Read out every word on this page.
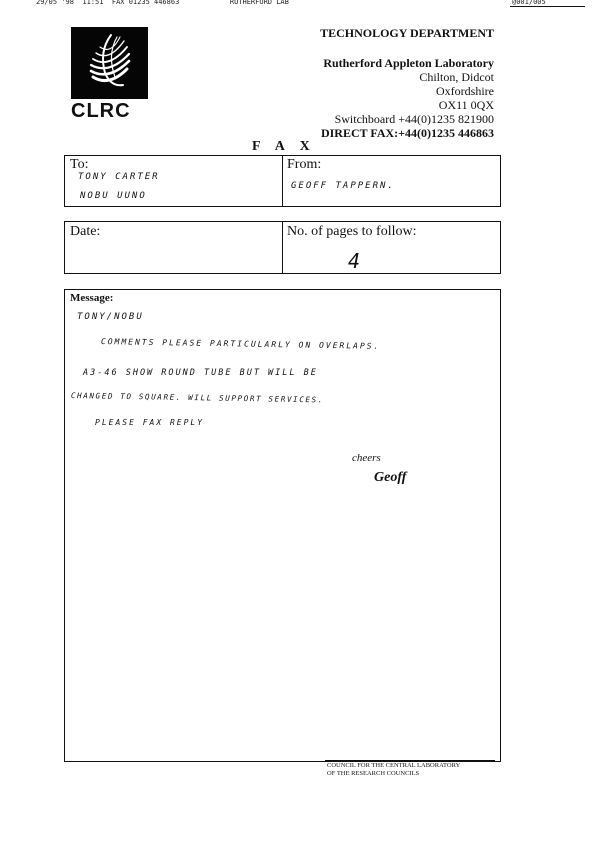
29/05 '98  11:51  FAX 01235 446863            RUTHERFORD LAB	@001/005
CLRC
TECHNOLOGY DEPARTMENT
Rutherford Appleton Laboratory
Chilton, Didcot
Oxfordshire
OX11 0QX
Switchboard +44(0)1235 821900
DIRECT FAX:+44(0)1235 446863
F A X
To:
TONY CARTER
NOBU UUNO
From:
GEOFF TAPPERN.
Date:	No. of pages to follow:
4
Message:
TONY/NOBU
COMMENTS PLEASE PARTICULARLY ON OVERLAPS.
A3-46 SHOW ROUND TUBE BUT WILL BE
CHANGED TO SQUARE. WILL SUPPORT SERVICES.
PLEASE FAX REPLY
cheers
Geoff
COUNCIL FOR THE CENTRAL LABORATORY
OF THE RESEARCH COUNCILS
